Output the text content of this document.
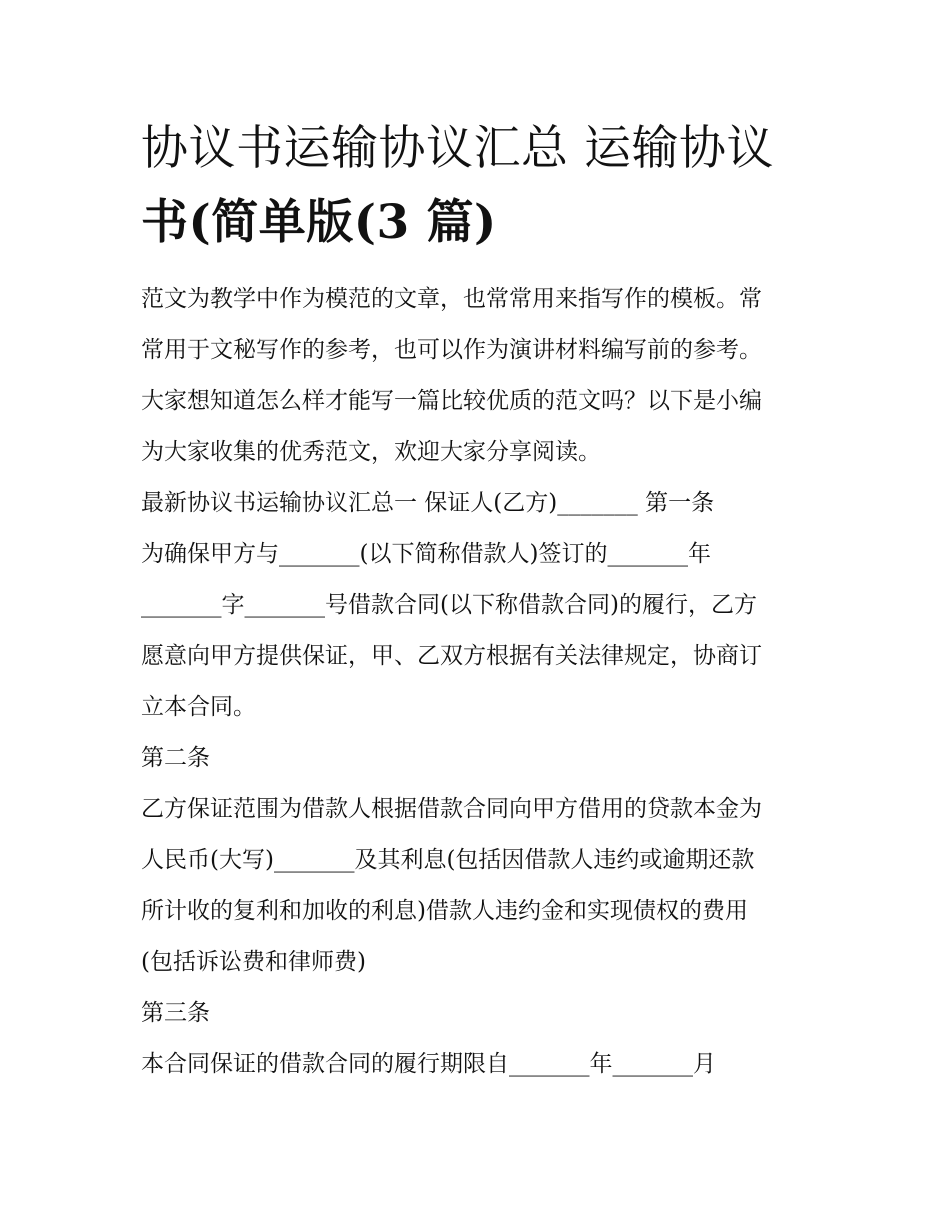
协议书运输协议汇总 运输协议
书(简单版(3 篇)
范文为教学中作为模范的文章，也常常用来指写作的模板。常
常用于文秘写作的参考，也可以作为演讲材料编写前的参考。
大家想知道怎么样才能写一篇比较优质的范文吗？以下是小编
为大家收集的优秀范文，欢迎大家分享阅读。
最新协议书运输协议汇总一 保证人(乙方)_______ 第一条
为确保甲方与_______(以下简称借款人)签订的_______年
_______字_______号借款合同(以下称借款合同)的履行，乙方
愿意向甲方提供保证，甲、乙双方根据有关法律规定，协商订
立本合同。
第二条
乙方保证范围为借款人根据借款合同向甲方借用的贷款本金为
人民币(大写)_______及其利息(包括因借款人违约或逾期还款
所计收的复利和加收的利息)借款人违约金和实现债权的费用
(包括诉讼费和律师费)
第三条
本合同保证的借款合同的履行期限自_______年_______月
